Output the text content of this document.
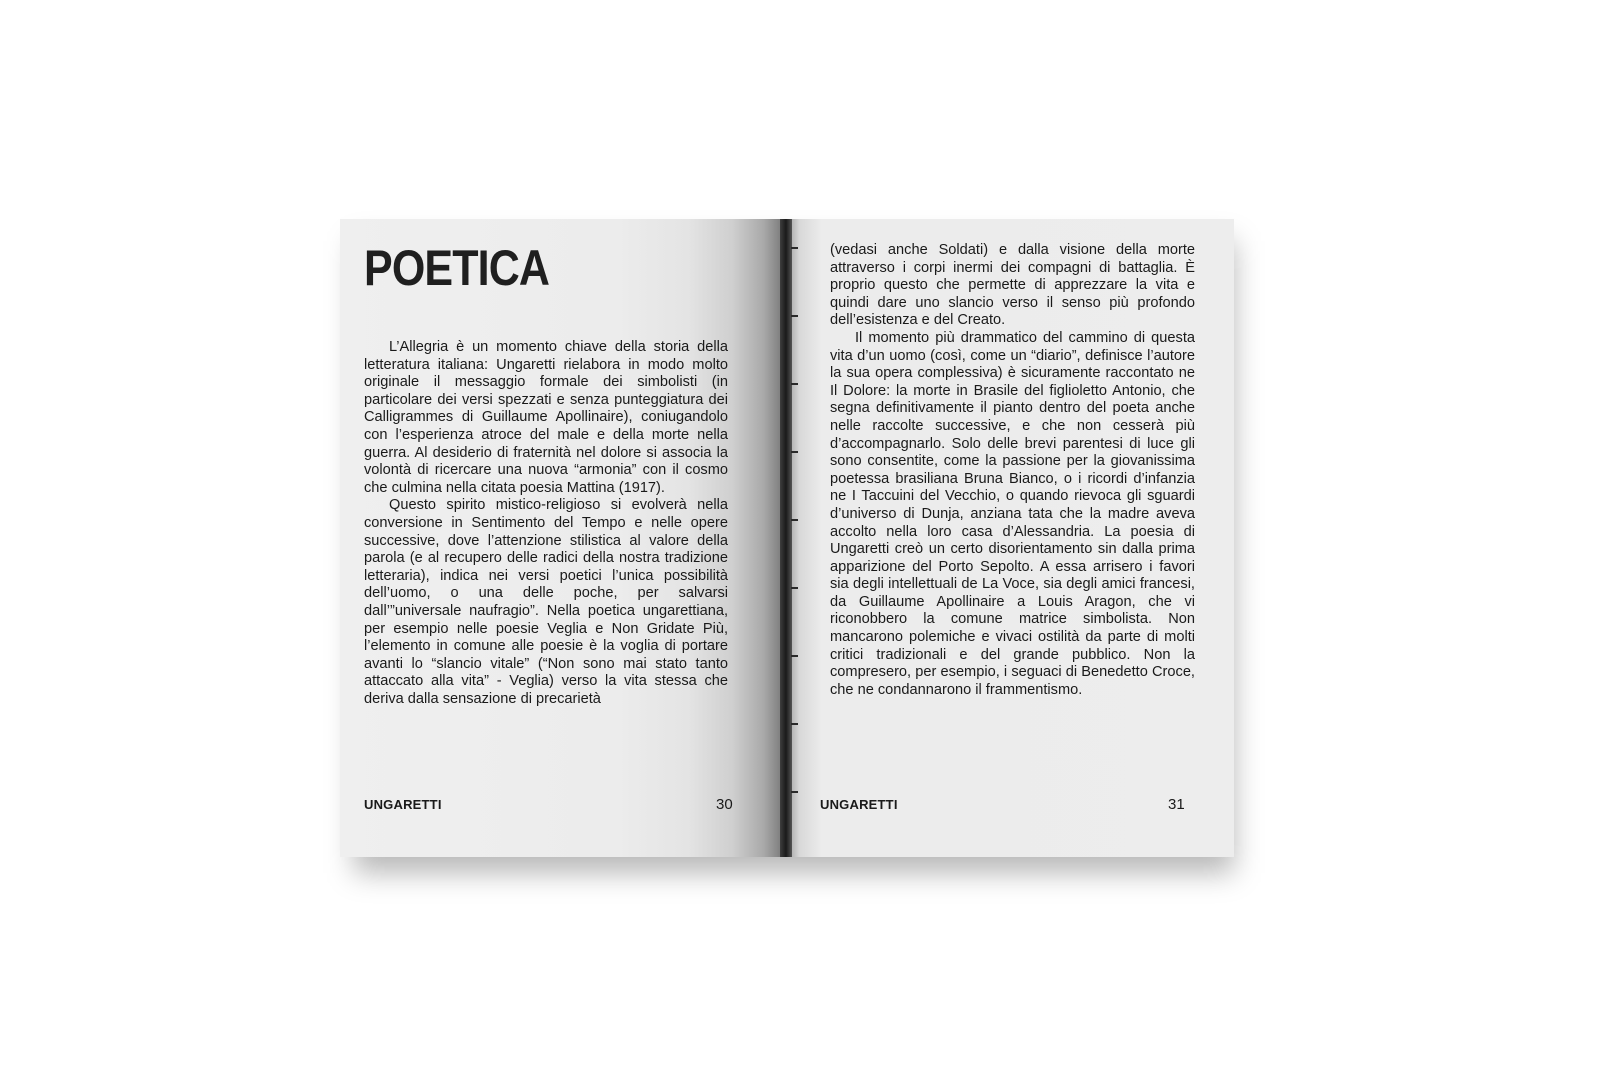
POETICA

L’Allegria è un momento chiave della storia della letteratura italiana: Ungaretti rielabora in modo molto originale il messaggio formale dei simbolisti (in particolare dei versi spezzati e senza punteggiatura dei Calligrammes di Guillaume Apollinaire), coniugandolo con l’esperienza atroce del male e della morte nella guerra. Al desiderio di fraternità nel dolore si associa la volontà di ricercare una nuova “armonia” con il cosmo che culmina nella citata poesia Mattina (1917).

Questo spirito mistico-religioso si evolverà nella conversione in Sentimento del Tempo e nelle opere successive, dove l’attenzione stilistica al valore della parola (e al recupero delle radici della nostra tradizione letteraria), indica nei versi poetici l’unica possibilità dell’uomo, o una delle poche, per salvarsi dall’”universale naufragio”. Nella poetica ungarettiana, per esempio nelle poesie Veglia e Non Gridate Più, l’elemento in comune alle poesie è la voglia di portare avanti lo “slancio vitale” (“Non sono mai stato tanto attaccato alla vita” - Veglia) verso la vita stessa che deriva dalla sensazione di precarietà

UNGARETTI	30

(vedasi anche Soldati) e dalla visione della morte attraverso i corpi inermi dei compagni di battaglia. È proprio questo che permette di apprezzare la vita e quindi dare uno slancio verso il senso più profondo dell’esistenza e del Creato.

Il momento più drammatico del cammino di questa vita d’un uomo (così, come un “diario”, definisce l’autore la sua opera complessiva) è sicuramente raccontato ne Il Dolore: la morte in Brasile del figlioletto Antonio, che segna definitivamente il pianto dentro del poeta anche nelle raccolte successive, e che non cesserà più d’accompagnarlo. Solo delle brevi parentesi di luce gli sono consentite, come la passione per la giovanissima poetessa brasiliana Bruna Bianco, o i ricordi d’infanzia ne I Taccuini del Vecchio, o quando rievoca gli sguardi d’universo di Dunja, anziana tata che la madre aveva accolto nella loro casa d’Alessandria. La poesia di Ungaretti creò un certo disorientamento sin dalla prima apparizione del Porto Sepolto. A essa arrisero i favori sia degli intellettuali de La Voce, sia degli amici francesi, da Guillaume Apollinaire a Louis Aragon, che vi riconobbero la comune matrice simbolista. Non mancarono polemiche e vivaci ostilità da parte di molti critici tradizionali e del grande pubblico. Non la compresero, per esempio, i seguaci di Benedetto Croce, che ne condannarono il frammentismo.

UNGARETTI	31
